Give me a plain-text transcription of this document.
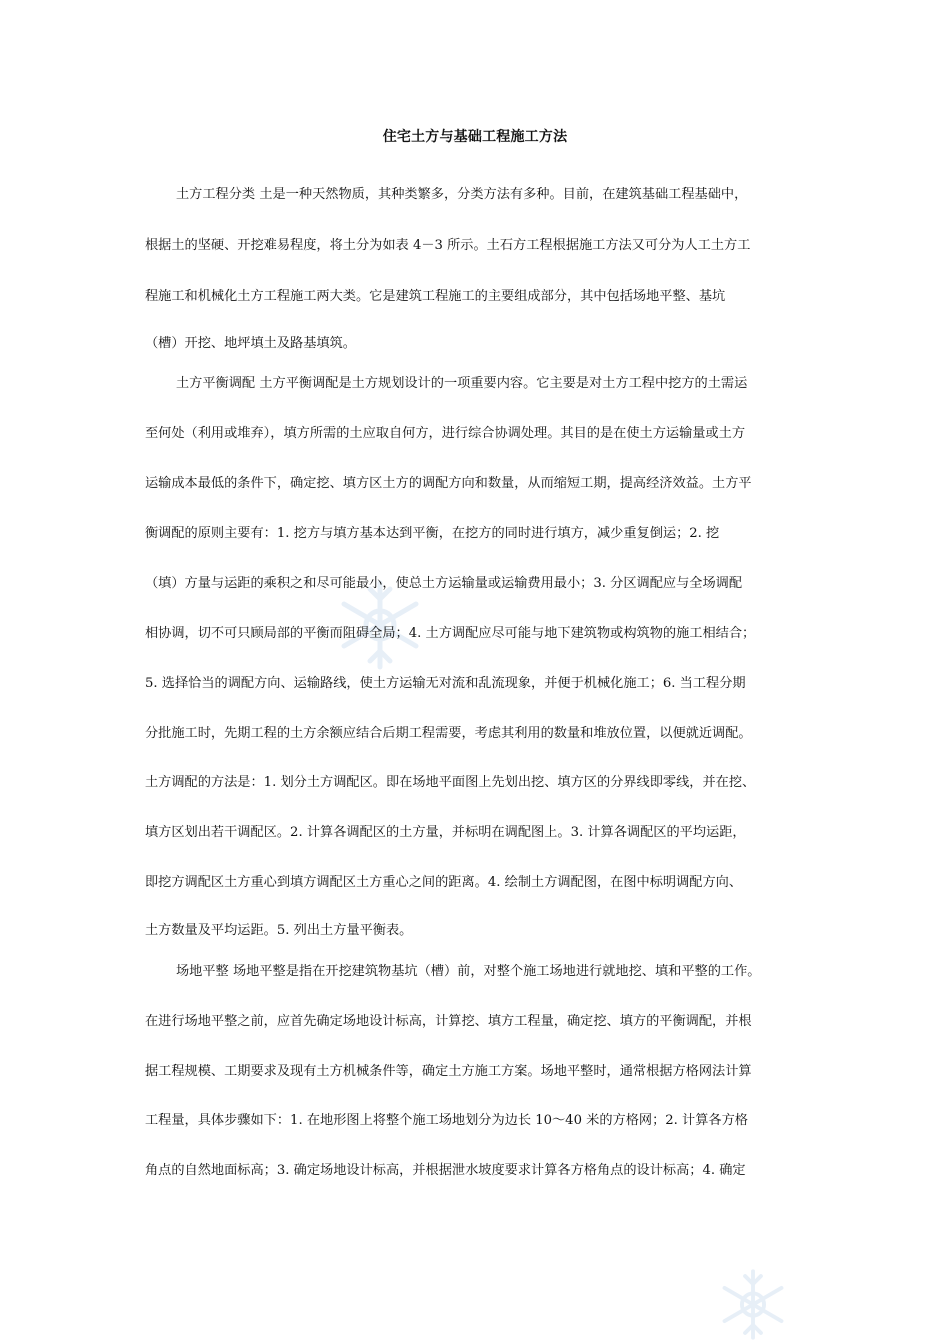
住宅土方与基础工程施工方法
土方工程分类 土是一种天然物质，其种类繁多，分类方法有多种。目前，在建筑基础工程基础中，
根据土的坚硬、开挖难易程度，将土分为如表 4－3 所示。土石方工程根据施工方法又可分为人工土方工
程施工和机械化土方工程施工两大类。它是建筑工程施工的主要组成部分，其中包括场地平整、基坑
（槽）开挖、地坪填土及路基填筑。
土方平衡调配 土方平衡调配是土方规划设计的一项重要内容。它主要是对土方工程中挖方的土需运
至何处（利用或堆弃），填方所需的土应取自何方，进行综合协调处理。其目的是在使土方运输量或土方
运输成本最低的条件下，确定挖、填方区土方的调配方向和数量，从而缩短工期，提高经济效益。土方平
衡调配的原则主要有：1. 挖方与填方基本达到平衡，在挖方的同时进行填方，减少重复倒运；2. 挖
（填）方量与运距的乘积之和尽可能最小，使总土方运输量或运输费用最小；3. 分区调配应与全场调配
相协调，切不可只顾局部的平衡而阻碍全局；4. 土方调配应尽可能与地下建筑物或构筑物的施工相结合；
5. 选择恰当的调配方向、运输路线，使土方运输无对流和乱流现象，并便于机械化施工；6. 当工程分期
分批施工时，先期工程的土方余额应结合后期工程需要，考虑其利用的数量和堆放位置，以便就近调配。
土方调配的方法是：1. 划分土方调配区。即在场地平面图上先划出挖、填方区的分界线即零线，并在挖、
填方区划出若干调配区。2. 计算各调配区的土方量，并标明在调配图上。3. 计算各调配区的平均运距，
即挖方调配区土方重心到填方调配区土方重心之间的距离。4. 绘制土方调配图，在图中标明调配方向、
土方数量及平均运距。5. 列出土方量平衡表。
场地平整 场地平整是指在开挖建筑物基坑（槽）前，对整个施工场地进行就地挖、填和平整的工作。
在进行场地平整之前，应首先确定场地设计标高，计算挖、填方工程量，确定挖、填方的平衡调配，并根
据工程规模、工期要求及现有土方机械条件等，确定土方施工方案。场地平整时，通常根据方格网法计算
工程量，具体步骤如下：1. 在地形图上将整个施工场地划分为边长 10～40 米的方格网；2. 计算各方格
角点的自然地面标高；3. 确定场地设计标高，并根据泄水坡度要求计算各方格角点的设计标高；4. 确定
